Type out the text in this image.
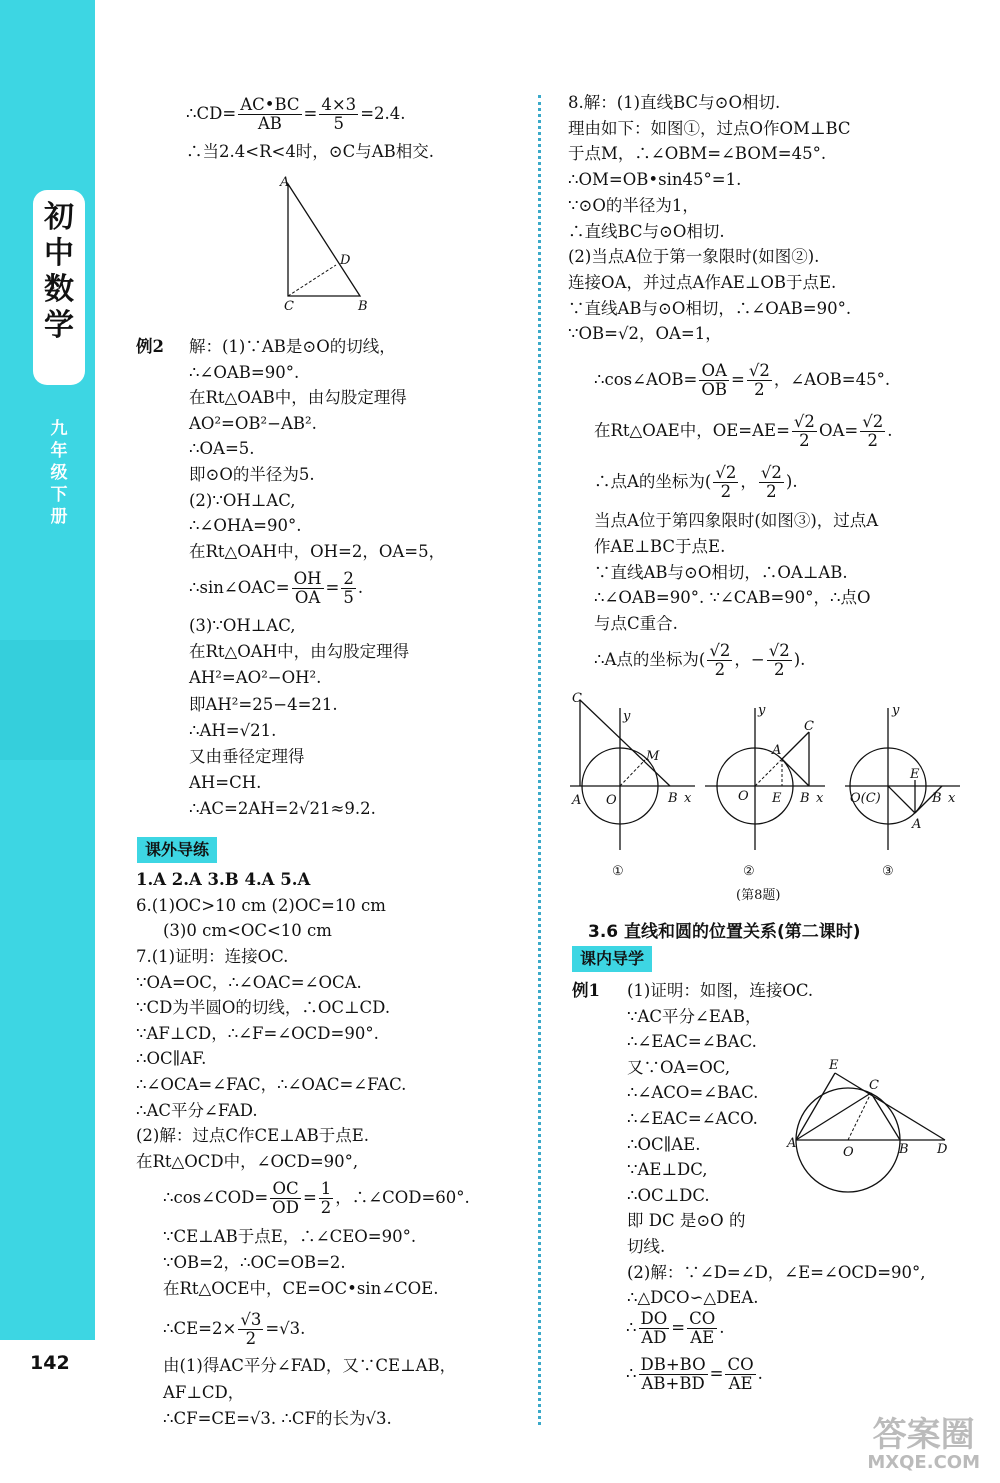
初
中
数
学
九
年
级
下
册
142
∴CD= $\frac{AC•BC}{AB} = \frac{4\times 3}{5} =2.4$.
∴当2.4<R<4时，⊙C与AB相交.
A
C	B
D
例2 解：(1)∵AB是⊙O的切线，
∴∠OAB=90°.
在Rt△OAB中，由勾股定理得
AO²=OB²−AB².
∴OA=5.
即⊙O的半径为5.
(2)∵OH⊥AC,
∴∠OHA=90°.
在Rt△OAH中，OH=2，OA=5，
∴sin∠OAC= $\frac{OH}{OA} = \frac{2}{5}$ .
(3)∵OH⊥AC,
在Rt△OAH中，由勾股定理得
AH²=AO²−OH².
即AH²=25−4=21.
∴AH=√21.
又由垂径定理得
AH=CH.
∴AC=2AH=2√21≈9.2.
课外导练
1.A 2.A 3.B 4.A 5.A
6.(1)OC>10 cm (2)OC=10 cm
(3)0 cm<OC<10 cm
7.(1)证明：连接OC.
∵OA=OC，∴∠OAC=∠OCA.
∵CD为半圆O的切线，∴OC⊥CD.
∵AF⊥CD，∴∠F=∠OCD=90°.
∴OC∥AF.
∴∠OCA=∠FAC，∴∠OAC=∠FAC.
∴AC平分∠FAD.
(2)解：过点C作CE⊥AB于点E.
在Rt△OCD中，∠OCD=90°,
∴cos∠COD= $\frac{OC}{OD} = \frac{1}{2}$ ，∴∠COD=60°.
∵CE⊥AB于点E，∴∠CEO=90°.
∵OB=2，∴OC=OB=2.
在Rt△OCE中，CE=OC•sin∠COE.
∴CE=2× $\frac{√3}{2} =√3$.
由(1)得AC平分∠FAD，又∵CE⊥AB，
AF⊥CD，
∴CF=CE=√3. ∴CF的长为√3.
8.解：(1)直线BC与⊙O相切.
理由如下：如图①，过点O作OM⊥BC
于点M，∴∠OBM=∠BOM=45°.
∴OM=OB•sin45°=1.
∵⊙O的半径为1，
∴直线BC与⊙O相切.
(2)当点A位于第一象限时(如图②).
连接OA，并过点A作AE⊥OB于点E.
∵直线AB与⊙O相切，∴∠OAB=90°.
∵OB=√2，OA=1，
∴cos∠AOB= $\frac{OA}{OB} = \frac{√2}{2}$ ，∠AOB=45°.
在Rt△OAE中，$OE=AE= \frac{√2}{2} OA= \frac{√2}{2}$ .
∴点A的坐标为( $\frac{√2}{2}$ ， $\frac{√2}{2}$ ).
当点A位于第四象限时(如图③)，过点A
作AE⊥BC于点E.
∵直线AB与⊙O相切，∴OA⊥AB.
∴∠OAB=90°. ∵∠CAB=90°，∴点O
与点C重合.
∴A点的坐标为( $\frac{√2}{2}$ ，− $\frac{√2}{2}$ ).
C
y
M
A O	B x
y
C
A
O E B x
y
E
O(C)	B x
A
①	②	③
(第8题)
3.6 直线和圆的位置关系(第二课时)
课内导学
例1 (1)证明：如图，连接OC.
∵AC平分∠EAB，
∴∠EAC=∠BAC.
又∵OA=OC,
∴∠ACO=∠BAC.
∴∠EAC=∠ACO.
∴OC∥AE.
∵AE⊥DC,
∴OC⊥DC.
即 DC 是⊙O 的
切线.
(2)解：∵∠D=∠D，∠E=∠OCD=90°,
∴△DCO∽△DEA.
E
C
A
O	B D
∴ $\frac{DO}{AD} = \frac{CO}{AE}$ .
∴ $\frac{DB+BO}{AB+BD} = \frac{CO}{AE}$ .
答案圈
MXQE.COM
